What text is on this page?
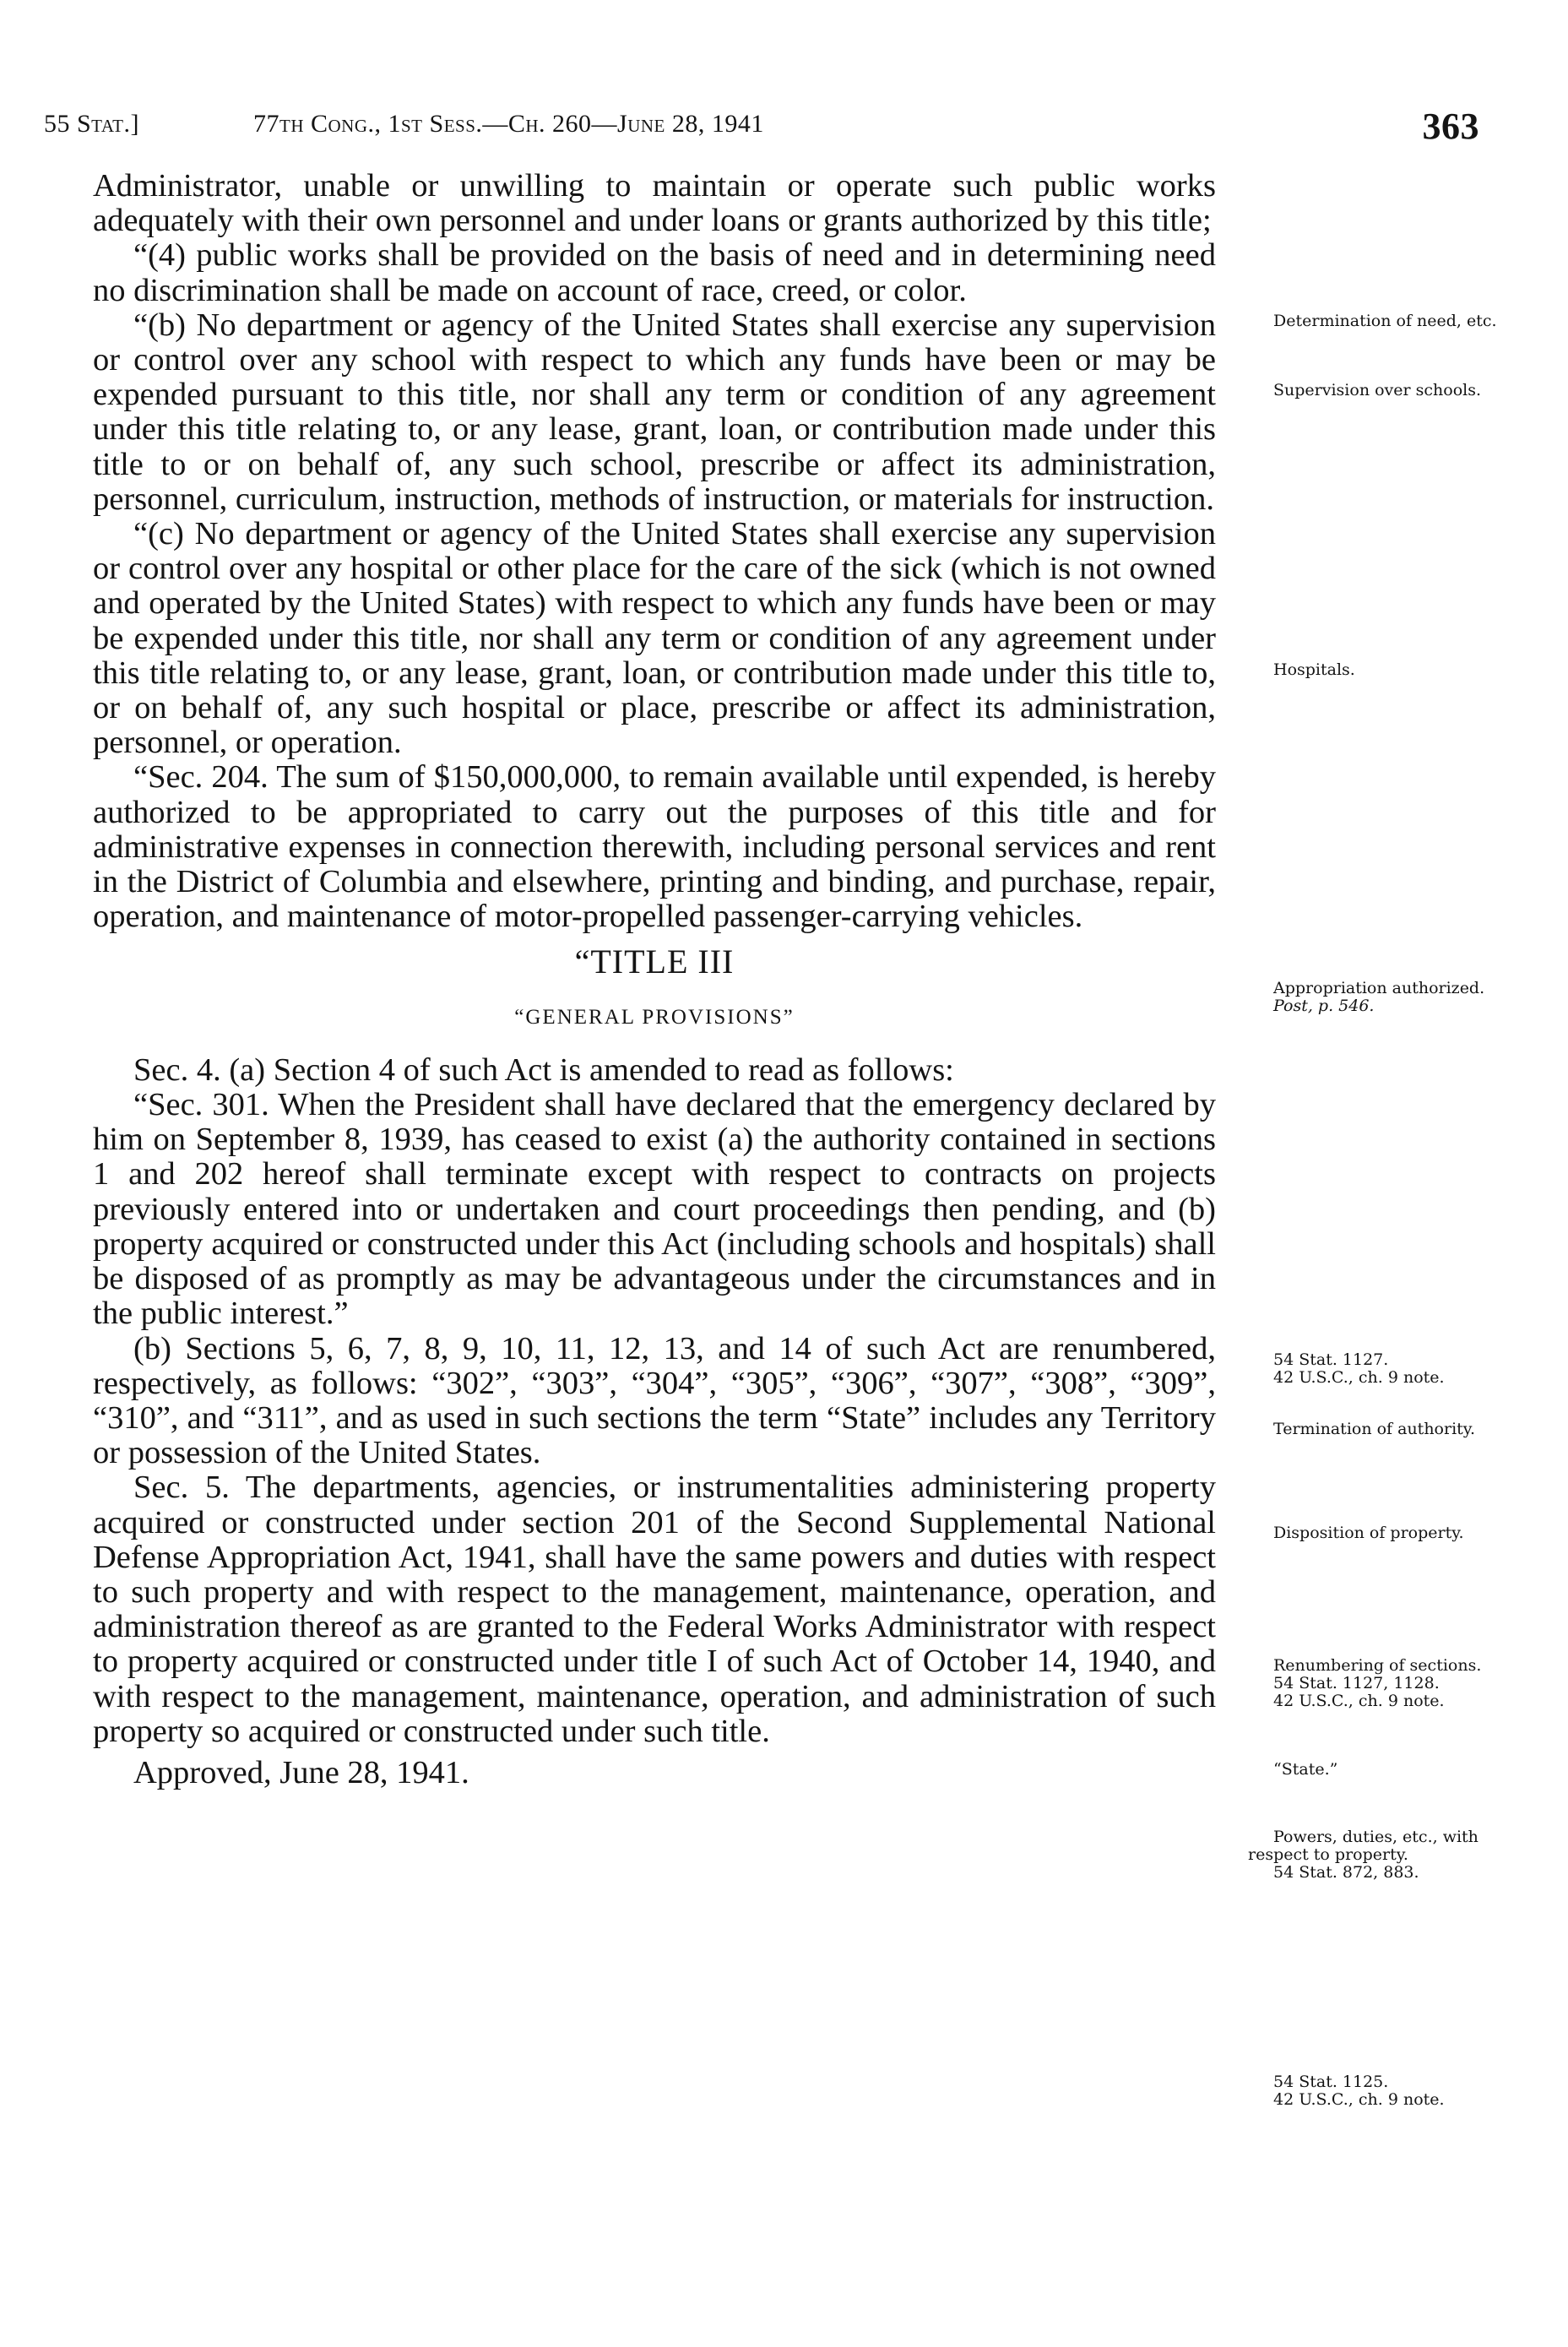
55 Stat.]	77th Cong., 1st Sess.—Ch. 260—June 28, 1941	363

Administrator, unable or unwilling to maintain or operate such public works adequately with their own personnel and under loans or grants authorized by this title;

“(4) public works shall be provided on the basis of need and in determining need no discrimination shall be made on account of race, creed, or color.

“(b) No department or agency of the United States shall exercise any supervision or control over any school with respect to which any funds have been or may be expended pursuant to this title, nor shall any term or condition of any agreement under this title relating to, or any lease, grant, loan, or contribution made under this title to or on behalf of, any such school, prescribe or affect its administration, personnel, curriculum, instruction, methods of instruction, or materials for instruction.

“(c) No department or agency of the United States shall exercise any supervision or control over any hospital or other place for the care of the sick (which is not owned and operated by the United States) with respect to which any funds have been or may be expended under this title, nor shall any term or condition of any agreement under this title relating to, or any lease, grant, loan, or contribution made under this title to, or on behalf of, any such hospital or place, prescribe or affect its administration, personnel, or operation.

“Sec. 204. The sum of $150,000,000, to remain available until expended, is hereby authorized to be appropriated to carry out the purposes of this title and for administrative expenses in connection therewith, including personal services and rent in the District of Columbia and elsewhere, printing and binding, and purchase, repair, operation, and maintenance of motor-propelled passenger-carrying vehicles.

“TITLE III
“GENERAL PROVISIONS”

Sec. 4. (a) Section 4 of such Act is amended to read as follows:

“Sec. 301. When the President shall have declared that the emergency declared by him on September 8, 1939, has ceased to exist (a) the authority contained in sections 1 and 202 hereof shall terminate except with respect to contracts on projects previously entered into or undertaken and court proceedings then pending, and (b) property acquired or constructed under this Act (including schools and hospitals) shall be disposed of as promptly as may be advantageous under the circumstances and in the public interest.”

(b) Sections 5, 6, 7, 8, 9, 10, 11, 12, 13, and 14 of such Act are renumbered, respectively, as follows: “302”, “303”, “304”, “305”, “306”, “307”, “308”, “309”, “310”, and “311”, and as used in such sections the term “State” includes any Territory or possession of the United States.

Sec. 5. The departments, agencies, or instrumentalities administering property acquired or constructed under section 201 of the Second Supplemental National Defense Appropriation Act, 1941, shall have the same powers and duties with respect to such property and with respect to the management, maintenance, operation, and administration thereof as are granted to the Federal Works Administrator with respect to property acquired or constructed under title I of such Act of October 14, 1940, and with respect to the management, maintenance, operation, and administration of such property so acquired or constructed under such title.

Approved, June 28, 1941.

Determination of need, etc.
Supervision over schools.
Hospitals.
Appropriation authorized.
Post, p. 546.
54 Stat. 1127.
42 U.S.C., ch. 9 note.
Termination of authority.
Disposition of property.
Renumbering of sections.
54 Stat. 1127, 1128.
42 U.S.C., ch. 9 note.
“State.”
Powers, duties, etc., with respect to property.
54 Stat. 872, 883.
54 Stat. 1125.
42 U.S.C., ch. 9 note.
